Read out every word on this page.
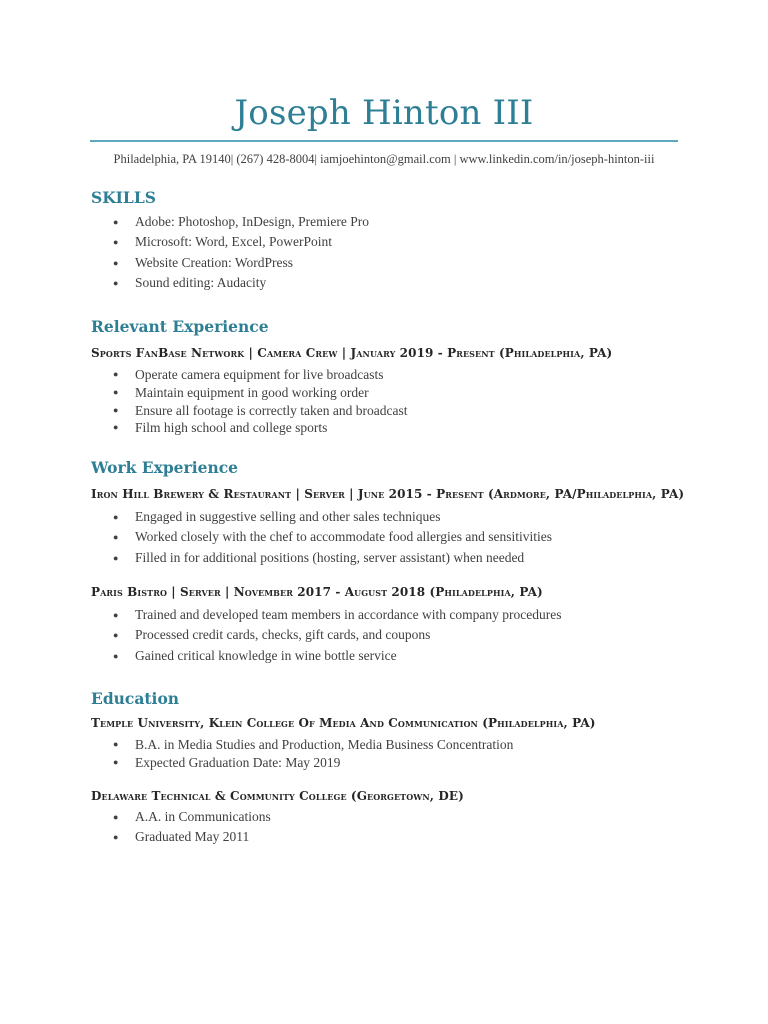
Joseph Hinton III
Philadelphia, PA 19140| (267) 428-8004| iamjoehinton@gmail.com | www.linkedin.com/in/joseph-hinton-iii
SKILLS
● Adobe: Photoshop, InDesign, Premiere Pro
● Microsoft: Word, Excel, PowerPoint
● Website Creation: WordPress
● Sound editing: Audacity
Relevant Experience
Sports FanBase Network | Camera Crew | January 2019 - Present (Philadelphia, PA)
● Operate camera equipment for live broadcasts
● Maintain equipment in good working order
● Ensure all footage is correctly taken and broadcast
● Film high school and college sports
Work Experience
Iron Hill Brewery & Restaurant | Server | June 2015 - Present (Ardmore, PA/Philadelphia, PA)
● Engaged in suggestive selling and other sales techniques
● Worked closely with the chef to accommodate food allergies and sensitivities
● Filled in for additional positions (hosting, server assistant) when needed
Paris Bistro | Server | November 2017 - August 2018 (Philadelphia, PA)
● Trained and developed team members in accordance with company procedures
● Processed credit cards, checks, gift cards, and coupons
● Gained critical knowledge in wine bottle service
Education
Temple University, Klein College Of Media And Communication (Philadelphia, PA)
● B.A. in Media Studies and Production, Media Business Concentration
● Expected Graduation Date: May 2019
Delaware Technical & Community College (Georgetown, DE)
● A.A. in Communications
● Graduated May 2011
